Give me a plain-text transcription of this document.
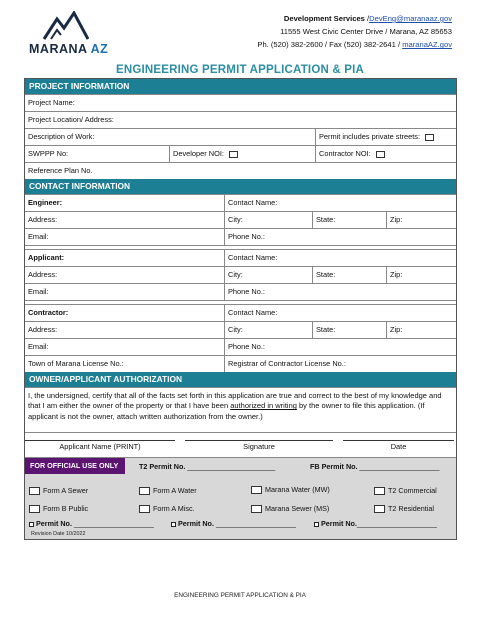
MARANA AZ
Development Services /DevEng@maranaaz.gov
11555 West Civic Center Drive / Marana, AZ 85653
Ph. (520) 382-2600 / Fax (520) 382-2641 / maranaAZ.gov
ENGINEERING PERMIT APPLICATION & PIA
PROJECT INFORMATION
Project Name:
Project Location/ Address:
Description of Work:	Permit includes private streets:
SWPPP No:	Developer NOI:	Contractor NOI:
Reference Plan No.
CONTACT INFORMATION
Engineer:	Contact Name:
Address:	City:	State:	Zip:
Email:	Phone No.:
Applicant:	Contact Name:
Address:	City:	State:	Zip:
Email:	Phone No.:
Contractor:	Contact Name:
Address:	City:	State:	Zip:
Email:	Phone No.:
Town of Marana License No.:	Registrar of Contractor License No.:
OWNER/APPLICANT AUTHORIZATION
I, the undersigned, certify that all of the facts set forth in this application are true and correct to the best of my knowledge and that I am either the owner of the property or that I have been authorized in writing by the owner to file this application. (If applicant is not the owner, attach written authorization from the owner.)
Applicant Name (PRINT)	Signature	Date
FOR OFFICIAL USE ONLY	T2 Permit No. ______________________	FB Permit No. ____________________
Form A Sewer	Form A Water	Marana Water (MW)	T2 Commercial
Form B Public	Form A Misc.	Marana Sewer (MS)	T2 Residential
Permit No. ____________________	Permit No. ____________________	Permit No.____________________
Revision Date 10/2022
ENGINEERING PERMIT APPLICATION & PIA
